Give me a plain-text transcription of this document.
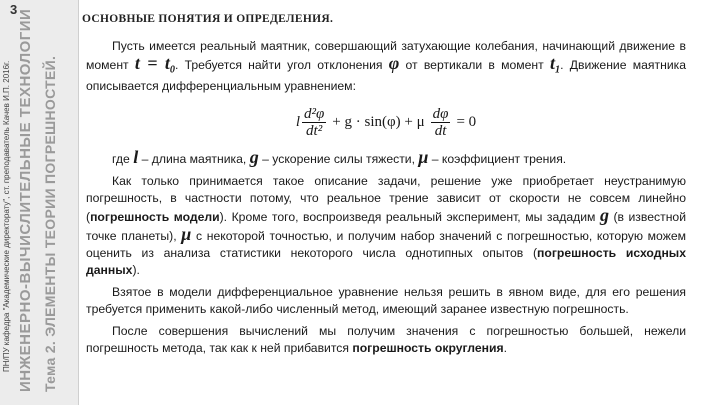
3
ПН/ПУ кафедра "Академические директорату", ст. преподаватель Качев И.П. 2016г. ИНЖЕНЕРНО-ВЫЧИСЛИТЕЛЬНЫЕ ТЕХНОЛОГИИ Тема 2. ЭЛЕМЕНТЫ ТЕОРИИ ПОГРЕШНОСТЕЙ.
ОСНОВНЫЕ ПОНЯТИЯ И ОПРЕДЕЛЕНИЯ.

Пусть имеется реальный маятник, совершающий затухающие колебания, начинающий движение в момент $t = t_0$. Требуется найти угол отклонения φ от вертикали в момент $t_1$. Движение маятника описывается дифференциальным уравнением:

l $\frac{\text{d²φ}}{\text{dt²}} + g \cdot \sin(\varphi) + \mu \frac{d\varphi}{dt} = 0$

где l – длина маятника, g – ускорение силы тяжести, μ – коэффициент трения.

Как только принимается такое описание задачи, решение уже приобретает неустранимую погрешность, в частности потому, что реальное трение зависит от скорости не совсем линейно (погрешность модели). Кроме того, воспроизведя реальный эксперимент, мы зададим g (в известной точке планеты), μ с некоторой точностью, и получим набор значений с погрешностью, которую можем оценить из анализа статистики некоторого числа однотипных опытов (погрешность исходных данных).

Взятое в модели дифференциальное уравнение нельзя решить в явном виде, для его решения требуется применить какой-либо численный метод, имеющий заранее известную погрешность.

После совершения вычислений мы получим значения с погрешностью большей, нежели погрешность метода, так как к ней прибавится погрешность округления.
